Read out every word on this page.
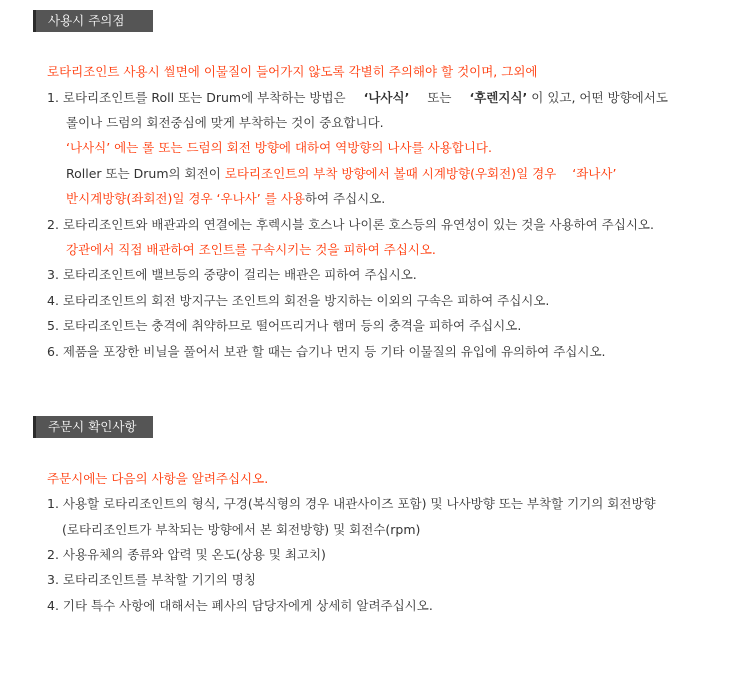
사용시 주의점
로타리조인트 사용시 씰면에 이물질이 들어가지 않도록 각별히 주의해야 할 것이며, 그외에
1. 로타리조인트를 Roll 또는 Drum에 부착하는 방법은 ‘나사식’ 또는 ‘후렌지식’ 이 있고, 어떤 방향에서도
롤이나 드럼의 회전중심에 맞게 부착하는 것이 중요합니다.
‘나사식’ 에는 롤 또는 드럼의 회전 방향에 대하여 역방향의 나사를 사용합니다.
Roller 또는 Drum의 회전이 로타리조인트의 부착 방향에서 볼때 시계방향(우회전)일 경우 ‘좌나사’
반시계방향(좌회전)일 경우 ‘우나사’ 를 사용하여 주십시오.
2. 로타리조인트와 배관과의 연결에는 후렉시블 호스나 나이론 호스등의 유연성이 있는 것을 사용하여 주십시오.
강관에서 직접 배관하여 조인트를 구속시키는 것을 피하여 주십시오.
3. 로타리조인트에 밸브등의 중량이 걸리는 배관은 피하여 주십시오.
4. 로타리조인트의 회전 방지구는 조인트의 회전을 방지하는 이외의 구속은 피하여 주십시오.
5. 로타리조인트는 충격에 취약하므로 떨어뜨리거나 햄머 등의 충격을 피하여 주십시오.
6. 제품을 포장한 비닐을 풀어서 보관 할 때는 습기나 먼지 등 기타 이물질의 유입에 유의하여 주십시오.
주문시 확인사항
주문시에는 다음의 사항을 알려주십시오.
1. 사용할 로타리조인트의 형식, 구경(복식형의 경우 내관사이즈 포함) 및 나사방향 또는 부착할 기기의 회전방향
(로타리조인트가 부착되는 방향에서 본 회전방향) 및 회전수(rpm)
2. 사용유체의 종류와 압력 및 온도(상용 및 최고치)
3. 로타리조인트를 부착할 기기의 명칭
4. 기타 특수 사항에 대해서는 폐사의 담당자에게 상세히 알려주십시오.
